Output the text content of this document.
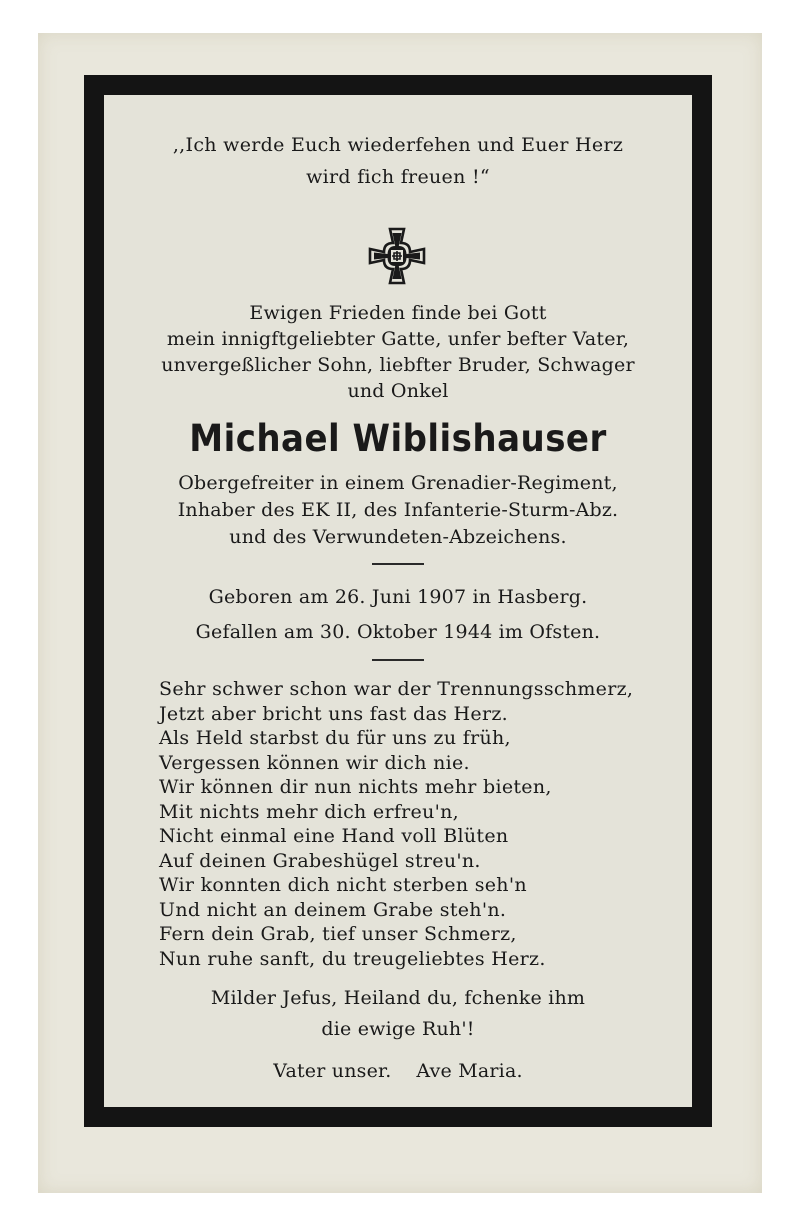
,,Ich werde Euch wiederfehen und Euer Herz
wird fich freuen !“
Ewigen Frieden finde bei Gott
mein innigftgeliebter Gatte, unfer befter Vater,
unvergeßlicher Sohn, liebfter Bruder, Schwager
und Onkel
Michael Wiblishauser
Obergefreiter in einem Grenadier-Regiment,
Inhaber des EK II, des Infanterie-Sturm-Abz.
und des Verwundeten-Abzeichens.
Geboren am 26. Juni 1907 in Hasberg.
Gefallen am 30. Oktober 1944 im Ofsten.
Sehr schwer schon war der Trennungsschmerz,
Jetzt aber bricht uns fast das Herz.
Als Held starbst du für uns zu früh,
Vergessen können wir dich nie.
Wir können dir nun nichts mehr bieten,
Mit nichts mehr dich erfreu'n,
Nicht einmal eine Hand voll Blüten
Auf deinen Grabeshügel streu'n.
Wir konnten dich nicht sterben seh'n
Und nicht an deinem Grabe steh'n.
Fern dein Grab, tief unser Schmerz,
Nun ruhe sanft, du treugeliebtes Herz.
Milder Jefus, Heiland du, fchenke ihm
die ewige Ruh'!
Vater unser.    Ave Maria.
